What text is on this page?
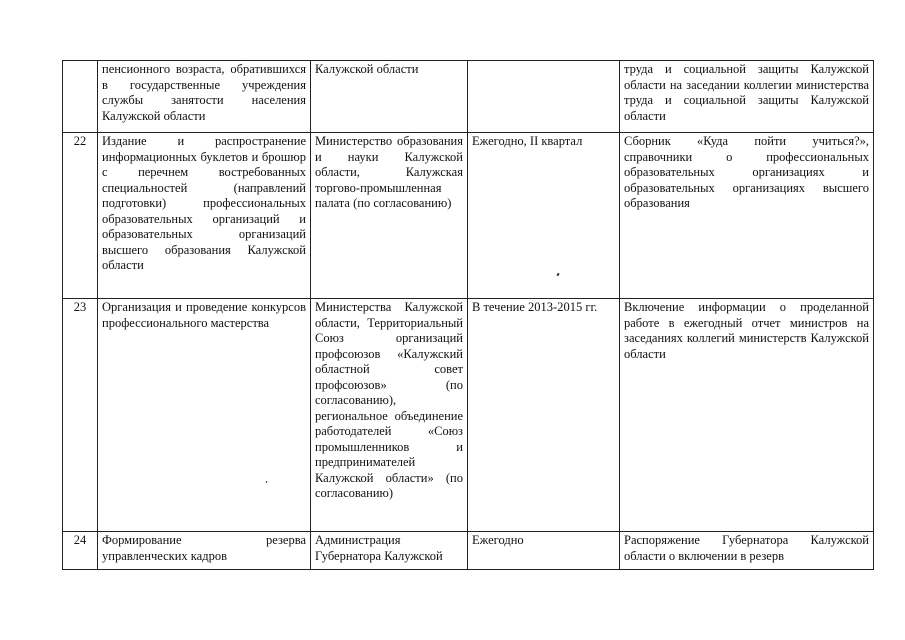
	пенсионного возраста, обратившихся в государственные учреждения службы занятости населения Калужской области	Калужской области		труда и социальной защиты Калужской области на заседании коллегии министерства труда и социальной защиты Калужской области
22	Издание и распространение информационных буклетов и брошюр с перечнем востребованных специальностей (направлений подготовки) профессиональных образовательных организаций и образовательных организаций высшего образования Калужской области	Министерство образования и науки Калужской области, Калужская торгово-промышленная палата (по согласованию)	Ежегодно, II квартал	Сборник «Куда пойти учиться?», справочники о профессиональных образовательных организациях и образовательных организациях высшего образования
23	Организация и проведение конкурсов профессионального мастерства	Министерства Калужской области, Территориальный Союз организаций профсоюзов «Калужский областной совет профсоюзов» (по согласованию), региональное объединение работодателей «Союз промышленников и предпринимателей Калужской области» (по согласованию)	В течение 2013-2015 гг.	Включение информации о проделанной работе в ежегодный отчет министров на заседаниях коллегий министерств Калужской области
24	Формирование резерва управленческих кадров	Администрация Губернатора Калужской	Ежегодно	Распоряжение Губернатора Калужской области о включении в резерв
